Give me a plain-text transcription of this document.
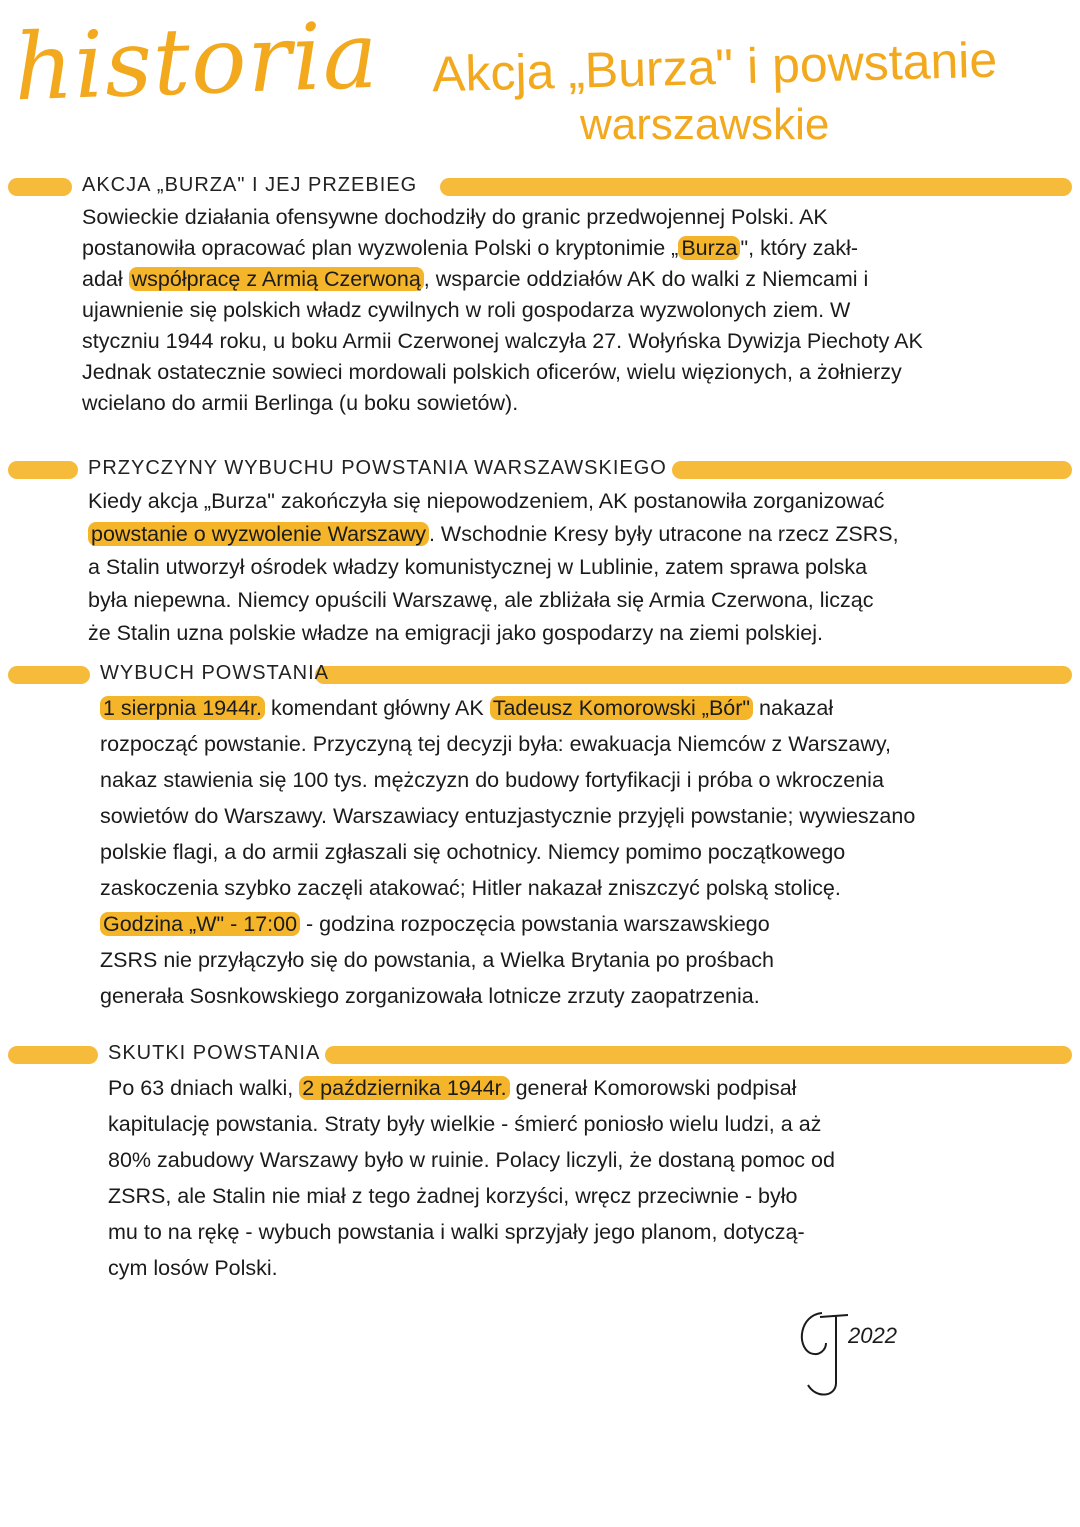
historia Akcja „Burza" i powstanie
warszawskie
AKCJA „BURZA" I JEJ PRZEBIEG
Sowieckie działania ofensywne dochodziły do granic przedwojennej Polski. AK
postanowiła opracować plan wyzwolenia Polski o kryptonimie „ Burza ", który zakł-
adał współpracę z Armią Czerwoną , wsparcie oddziałów AK do walki z Niemcami i
ujawnienie się polskich władz cywilnych w roli gospodarza wyzwolonych ziem. W
styczniu 1944 roku, u boku Armii Czerwonej walczyła 27. Wołyńska Dywizja Piechoty AK
Jednak ostatecznie sowieci mordowali polskich oficerów, wielu więzionych, a żołnierzy
wcielano do armii Berlinga (u boku sowietów).
PRZYCZYNY WYBUCHU POWSTANIA WARSZAWSKIEGO
Kiedy akcja „Burza" zakończyła się niepowodzeniem, AK postanowiła zorganizować
powstanie o wyzwolenie Warszawy . Wschodnie Kresy były utracone na rzecz ZSRS,
a Stalin utworzył ośrodek władzy komunistycznej w Lublinie, zatem sprawa polska
była niepewna. Niemcy opuścili Warszawę, ale zbliżała się Armia Czerwona, licząc
że Stalin uzna polskie władze na emigracji jako gospodarzy na ziemi polskiej.
WYBUCH POWSTANIA
1 sierpnia 1944r. komendant główny AK Tadeusz Komorowski „Bór" nakazał
rozpocząć powstanie. Przyczyną tej decyzji była: ewakuacja Niemców z Warszawy,
nakaz stawienia się 100 tys. mężczyzn do budowy fortyfikacji i próba o wkroczenia
sowietów do Warszawy. Warszawiacy entuzjastycznie przyjęli powstanie; wywieszano
polskie flagi, a do armii zgłaszali się ochotnicy. Niemcy pomimo początkowego
zaskoczenia szybko zaczęli atakować; Hitler nakazał zniszczyć polską stolicę.
Godzina „W" - 17:00 - godzina rozpoczęcia powstania warszawskiego
ZSRS nie przyłączyło się do powstania, a Wielka Brytania po prośbach
generała Sosnkowskiego zorganizowała lotnicze zrzuty zaopatrzenia.
SKUTKI POWSTANIA
Po 63 dniach walki, 2 października 1944r. generał Komorowski podpisał
kapitulację powstania. Straty były wielkie - śmierć poniosło wielu ludzi, a aż
80% zabudowy Warszawy było w ruinie. Polacy liczyli, że dostaną pomoc od
ZSRS, ale Stalin nie miał z tego żadnej korzyści, wręcz przeciwnie - było
mu to na rękę - wybuch powstania i walki sprzyjały jego planom, dotyczą-
cym losów Polski.
2022
